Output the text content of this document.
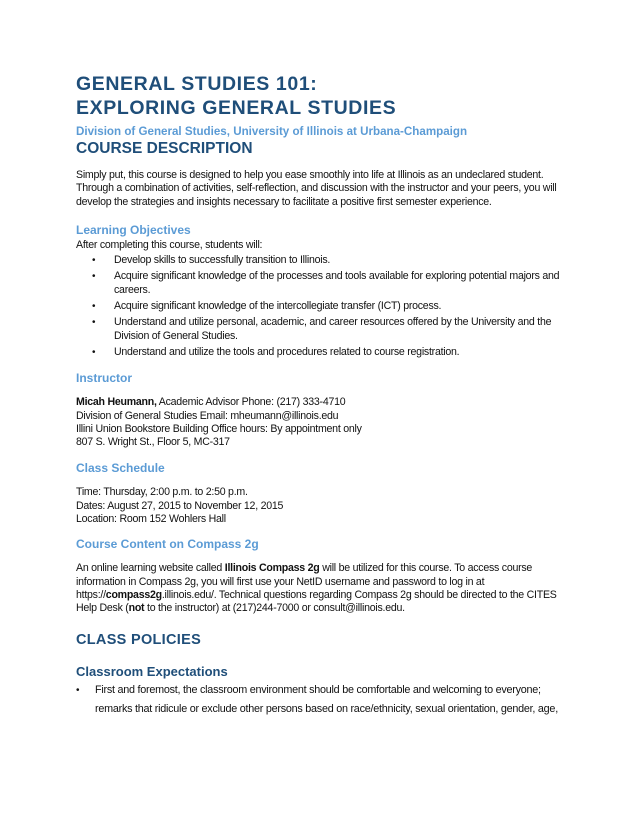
GENERAL STUDIES 101:
EXPLORING GENERAL STUDIES

Division of General Studies, University of Illinois at Urbana-Champaign

COURSE DESCRIPTION

Simply put, this course is designed to help you ease smoothly into life at Illinois as an undeclared student. Through a combination of activities, self-reflection, and discussion with the instructor and your peers, you will develop the strategies and insights necessary to facilitate a positive first semester experience.

Learning Objectives

After completing this course, students will:

• Develop skills to successfully transition to Illinois.
• Acquire significant knowledge of the processes and tools available for exploring potential majors and careers.
• Acquire significant knowledge of the intercollegiate transfer (ICT) process.
• Understand and utilize personal, academic, and career resources offered by the University and the Division of General Studies.
• Understand and utilize the tools and procedures related to course registration.
Instructor

Micah Heumann, Academic Advisor Phone: (217) 333-4710

Division of General Studies Email: mheumann@illinois.edu

Illini Union Bookstore Building Office hours: By appointment only

807 S. Wright St., Floor 5, MC-317

Class Schedule

Time: Thursday, 2:00 p.m. to 2:50 p.m.

Dates: August 27, 2015 to November 12, 2015

Location: Room 152 Wohlers Hall

Course Content on Compass 2g

An online learning website called Illinois Compass 2g will be utilized for this course. To access course information in Compass 2g, you will first use your NetID username and password to log in at https://compass2g.illinois.edu/. Technical questions regarding Compass 2g should be directed to the CITES Help Desk (not to the instructor) at (217)244-7000 or consult@illinois.edu.

CLASS POLICIES
Classroom Expectations
• First and foremost, the classroom environment should be comfortable and welcoming to everyone; remarks that ridicule or exclude other persons based on race/ethnicity, sexual orientation, gender, age,
